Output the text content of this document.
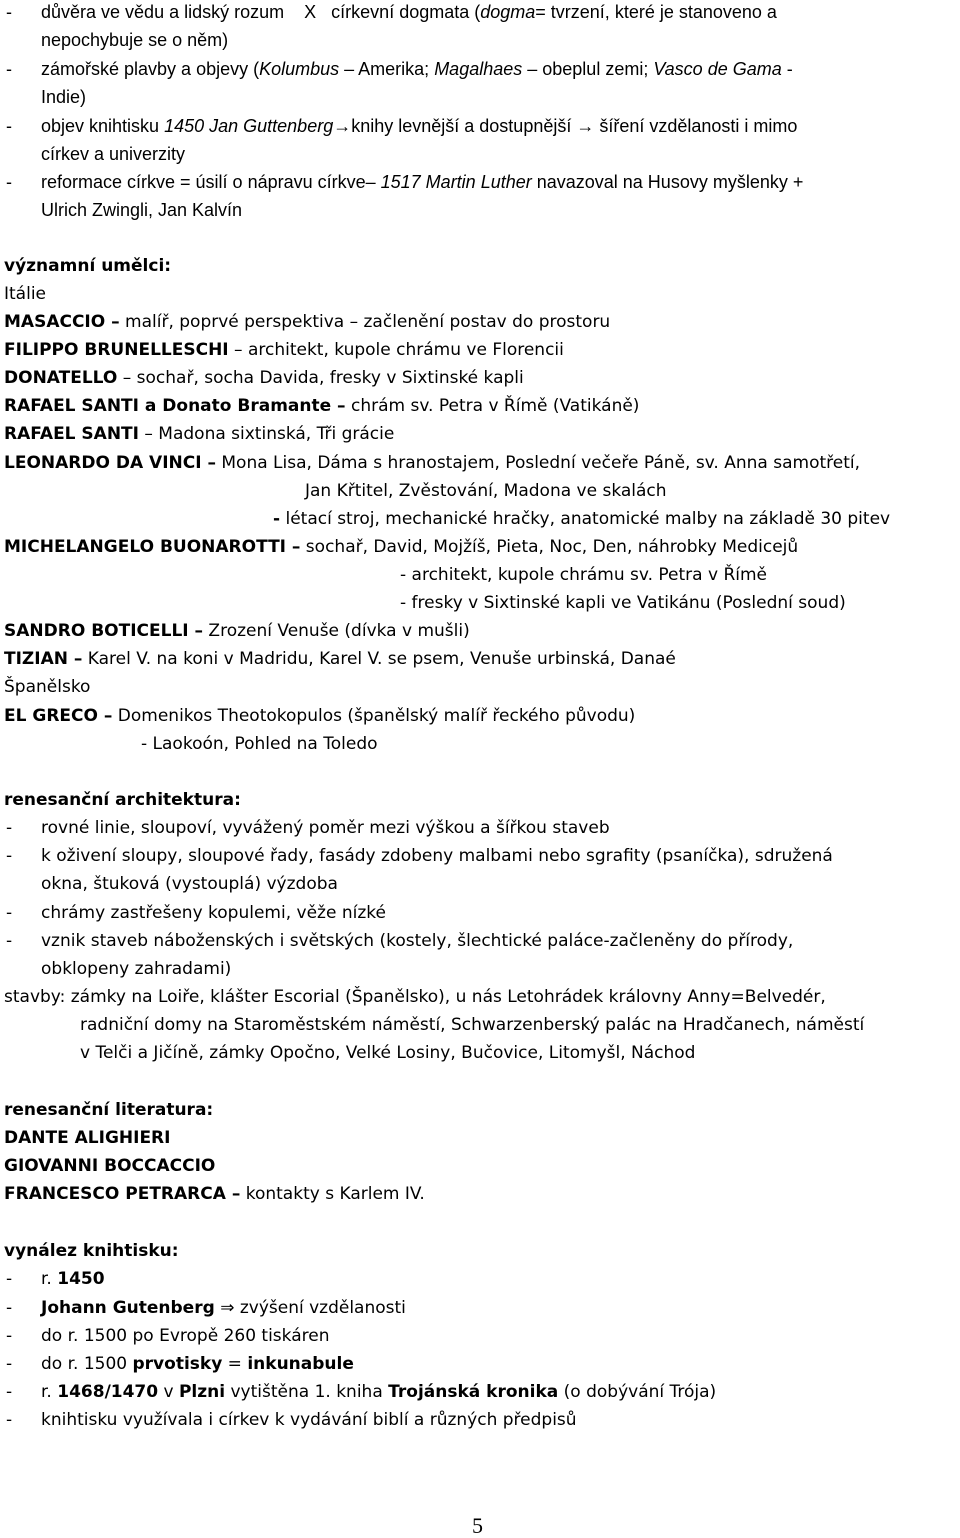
důvěra ve vědu a lidský rozum X církevní dogmata (dogma= tvrzení, které je stanoveno a
-
nepochybuje se o něm)
- zámořské plavby a objevy (Kolumbus – Amerika; Magalhaes – obeplul zemi; Vasco de Gama -
Indie)
- objev knihtisku 1450 Jan Guttenberg→knihy levnější a dostupnější → šíření vzdělanosti i mimo
církev a univerzity
- reformace církve = úsilí o nápravu církve– 1517 Martin Luther navazoval na Husovy myšlenky +
Ulrich Zwingli, Jan Kalvín
významní umělci:
Itálie
MASACCIO – malíř, poprvé perspektiva – začlenění postav do prostoru
FILIPPO BRUNELLESCHI – architekt, kupole chrámu ve Florencii
DONATELLO – sochař, socha Davida, fresky v Sixtinské kapli
RAFAEL SANTI a Donato Bramante – chrám sv. Petra v Římě (Vatikáně)
RAFAEL SANTI – Madona sixtinská, Tři grácie
LEONARDO DA VINCI – Mona Lisa, Dáma s hranostajem, Poslední večeře Páně, sv. Anna samotřetí,
Jan Křtitel, Zvěstování, Madona ve skalách
- létací stroj, mechanické hračky, anatomické malby na základě 30 pitev
MICHELANGELO BUONAROTTI – sochař, David, Mojžíš, Pieta, Noc, Den, náhrobky Medicejů
- architekt, kupole chrámu sv. Petra v Římě
- fresky v Sixtinské kapli ve Vatikánu (Poslední soud)
SANDRO BOTICELLI – Zrození Venuše (dívka v mušli)
TIZIAN – Karel V. na koni v Madridu, Karel V. se psem, Venuše urbinská, Danaé
Španělsko
EL GRECO – Domenikos Theotokopulos (španělský malíř řeckého původu)
- Laokoón, Pohled na Toledo
renesanční architektura:
- rovné linie, sloupoví, vyvážený poměr mezi výškou a šířkou staveb
- k oživení sloupy, sloupové řady, fasády zdobeny malbami nebo sgrafity (psaníčka), sdružená
okna, štuková (vystouplá) výzdoba
- chrámy zastřešeny kopulemi, věže nízké
- vznik staveb náboženských i světských (kostely, šlechtické paláce-začleněny do přírody,
obklopeny zahradami)
stavby: zámky na Loiře, klášter Escorial (Španělsko), u nás Letohrádek královny Anny=Belvedér,
radniční domy na Staroměstském náměstí, Schwarzenberský palác na Hradčanech, náměstí
v Telči a Jičíně, zámky Opočno, Velké Losiny, Bučovice, Litomyšl, Náchod
renesanční literatura:
DANTE ALIGHIERI
GIOVANNI BOCCACCIO
FRANCESCO PETRARCA – kontakty s Karlem IV.
vynález knihtisku:
- r. 1450
- Johann Gutenberg ⇒ zvýšení vzdělanosti
- do r. 1500 po Evropě 260 tiskáren
- do r. 1500 prvotisky = inkunabule
- r. 1468/1470 v Plzni vytištěna 1. kniha Trojánská kronika (o dobývání Trója)
- knihtisku využívala i církev k vydávání biblí a různých předpisů
5
